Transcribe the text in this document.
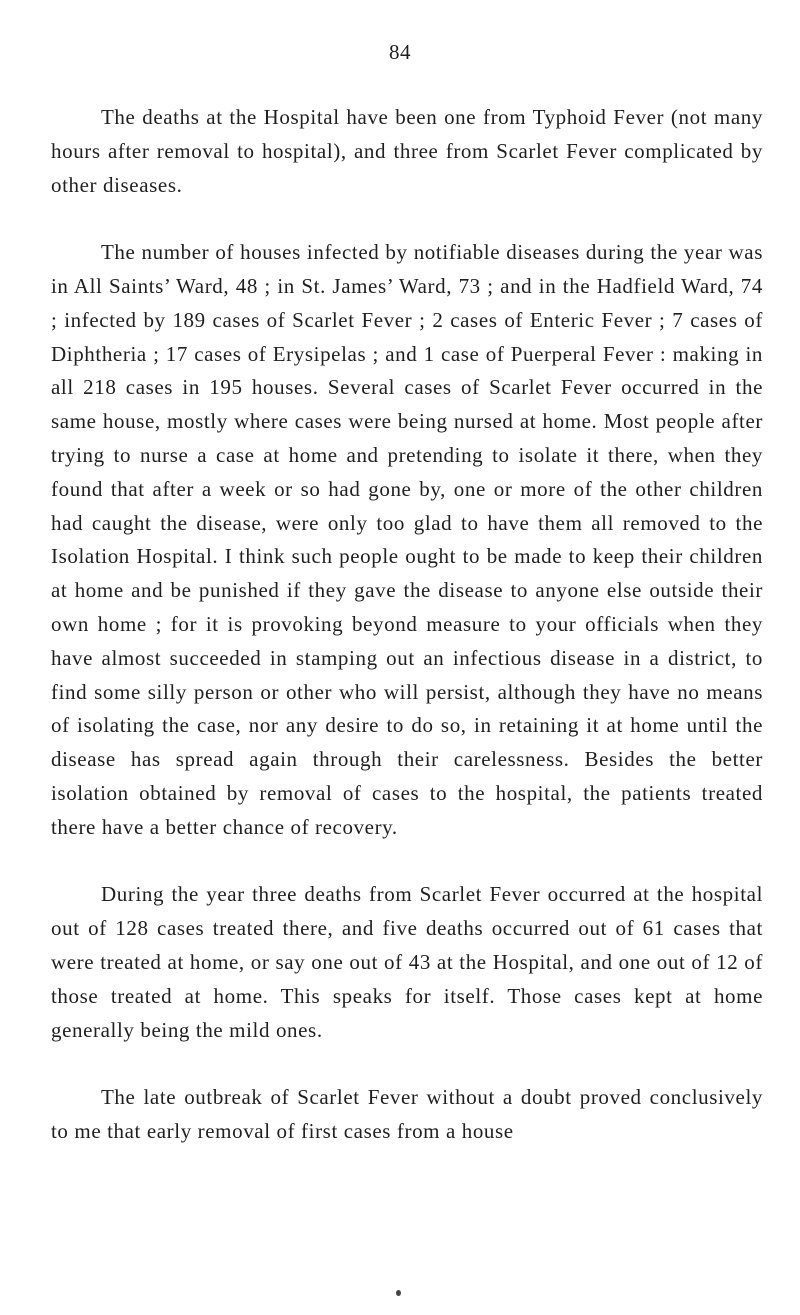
84

The deaths at the Hospital have been one from Typhoid Fever (not many hours after removal to hospital), and three from Scarlet Fever complicated by other diseases.

The number of houses infected by notifiable diseases during the year was in All Saints’ Ward, 48 ; in St. James’ Ward, 73 ; and in the Hadfield Ward, 74 ; infected by 189 cases of Scarlet Fever ; 2 cases of Enteric Fever ; 7 cases of Diphtheria ; 17 cases of Erysipelas ; and 1 case of Puerperal Fever : making in all 218 cases in 195 houses. Several cases of Scarlet Fever occurred in the same house, mostly where cases were being nursed at home. Most people after trying to nurse a case at home and pretending to isolate it there, when they found that after a week or so had gone by, one or more of the other children had caught the disease, were only too glad to have them all removed to the Isolation Hospital. I think such people ought to be made to keep their children at home and be punished if they gave the disease to anyone else outside their own home ; for it is provoking beyond measure to your officials when they have almost succeeded in stamping out an infectious disease in a district, to find some silly person or other who will persist, although they have no means of isolating the case, nor any desire to do so, in retaining it at home until the disease has spread again through their carelessness. Besides the better isolation obtained by removal of cases to the hospital, the patients treated there have a better chance of recovery.

During the year three deaths from Scarlet Fever occurred at the hospital out of 128 cases treated there, and five deaths occurred out of 61 cases that were treated at home, or say one out of 43 at the Hospital, and one out of 12 of those treated at home. This speaks for itself. Those cases kept at home generally being the mild ones.

The late outbreak of Scarlet Fever without a doubt proved conclusively to me that early removal of first cases from a house
